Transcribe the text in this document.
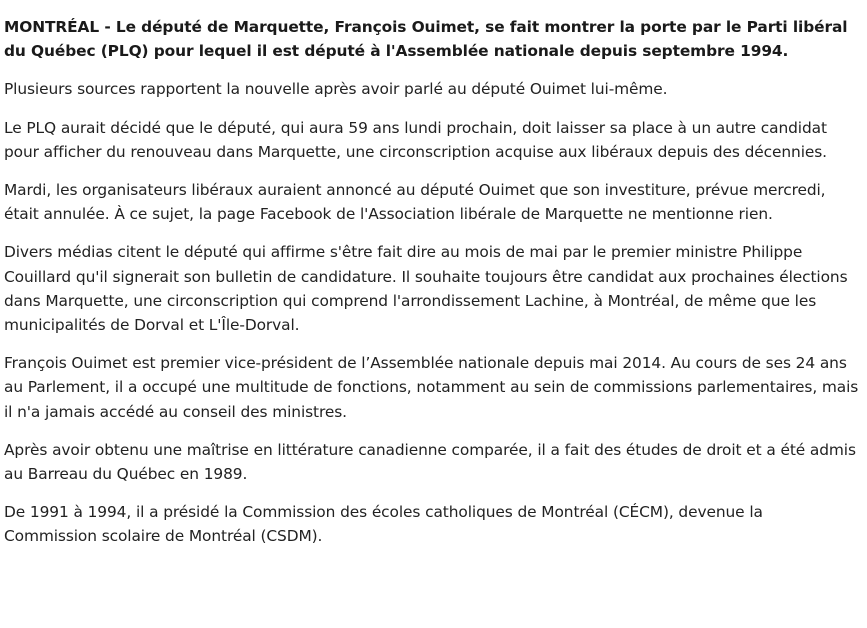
MONTRÉAL - Le député de Marquette, François Ouimet, se fait montrer la porte par le Parti libéral du Québec (PLQ) pour lequel il est député à l'Assemblée nationale depuis septembre 1994.

Plusieurs sources rapportent la nouvelle après avoir parlé au député Ouimet lui-même.

Le PLQ aurait décidé que le député, qui aura 59 ans lundi prochain, doit laisser sa place à un autre candidat pour afficher du renouveau dans Marquette, une circonscription acquise aux libéraux depuis des décennies.

Mardi, les organisateurs libéraux auraient annoncé au député Ouimet que son investiture, prévue mercredi, était annulée. À ce sujet, la page Facebook de l'Association libérale de Marquette ne mentionne rien.

Divers médias citent le député qui affirme s'être fait dire au mois de mai par le premier ministre Philippe Couillard qu'il signerait son bulletin de candidature. Il souhaite toujours être candidat aux prochaines élections dans Marquette, une circonscription qui comprend l'arrondissement Lachine, à Montréal, de même que les municipalités de Dorval et L'Île-Dorval.

François Ouimet est premier vice-président de l’Assemblée nationale depuis mai 2014. Au cours de ses 24 ans au Parlement, il a occupé une multitude de fonctions, notamment au sein de commissions parlementaires, mais il n'a jamais accédé au conseil des ministres.

Après avoir obtenu une maîtrise en littérature canadienne comparée, il a fait des études de droit et a été admis au Barreau du Québec en 1989.

De 1991 à 1994, il a présidé la Commission des écoles catholiques de Montréal (CÉCM), devenue la Commission scolaire de Montréal (CSDM).
